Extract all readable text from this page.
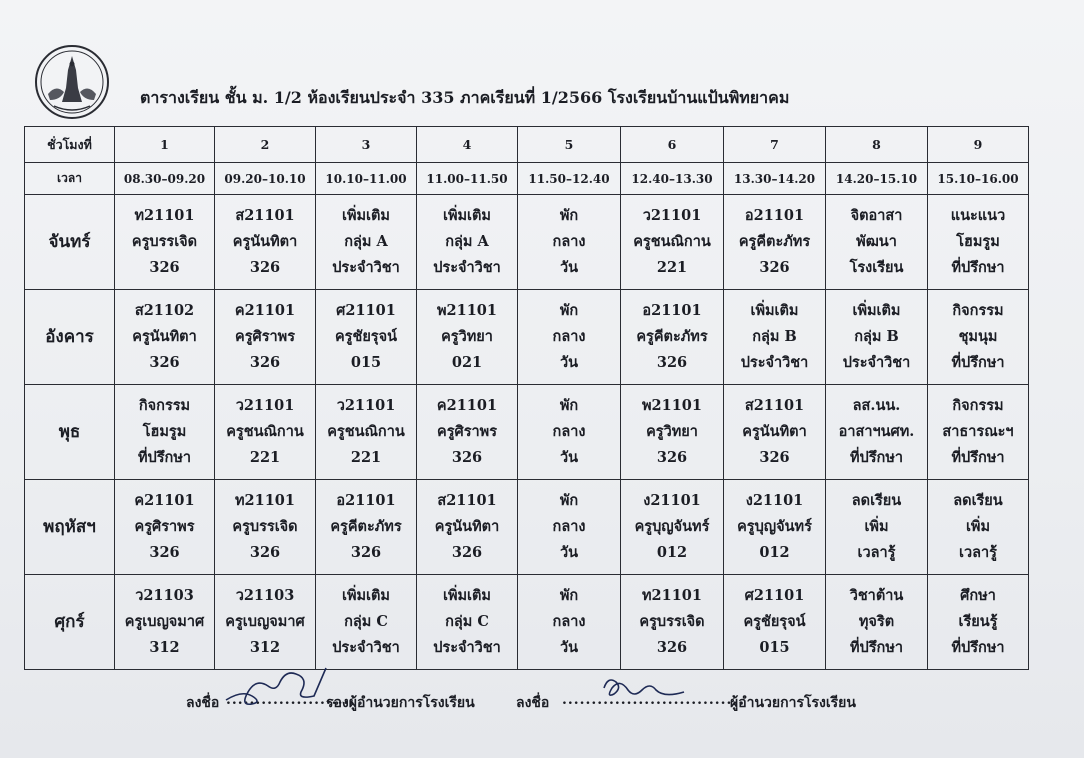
ตารางเรียน ชั้น ม. 1/2 ห้องเรียนประจำ 335 ภาคเรียนที่ 1/2566 โรงเรียนบ้านแป้นพิทยาคม
ชั่วโมงที่	1	2	3	4	5	6	7	8	9
เวลา	08.30–09.20	09.20–10.10	10.10–11.00	11.00–11.50	11.50–12.40	12.40–13.30	13.30–14.20	14.20–15.10	15.10–16.00
จันทร์	ท21101
ครูบรรเจิด
326	ส21101
ครูนันทิตา
326	เพิ่มเติม
กลุ่ม A
ประจำวิชา	เพิ่มเติม
กลุ่ม A
ประจำวิชา	พัก
กลาง
วัน	ว21101
ครูชนณิกาน
221	อ21101
ครูคีตะภัทร
326	จิตอาสา
พัฒนา
โรงเรียน	แนะแนว
โฮมรูม
ที่ปรึกษา

อังคาร	ส21102
ครูนันทิตา
326	ค21101
ครูศิราพร
326	ศ21101
ครูชัยรุจน์
015	พ21101
ครูวิทยา
021	พัก
กลาง
วัน	อ21101
ครูคีตะภัทร
326	เพิ่มเติม
กลุ่ม B
ประจำวิชา	เพิ่มเติม
กลุ่ม B
ประจำวิชา	กิจกรรม
ชุมนุม
ที่ปรึกษา

พุธ	กิจกรรม
โฮมรูม
ที่ปรึกษา	ว21101
ครูชนณิกาน
221	ว21101
ครูชนณิกาน
221	ค21101
ครูศิราพร
326	พัก
กลาง
วัน	พ21101
ครูวิทยา
326	ส21101
ครูนันทิตา
326	ลส.นน.
อาสาฯนศท.
ที่ปรึกษา	กิจกรรม
สาธารณะฯ
ที่ปรึกษา

พฤหัสฯ	ค21101
ครูศิราพร
326	ท21101
ครูบรรเจิด
326	อ21101
ครูคีตะภัทร
326	ส21101
ครูนันทิตา
326	พัก
กลาง
วัน	ง21101
ครูบุญจันทร์
012	ง21101
ครูบุญจันทร์
012	ลดเรียน
เพิ่ม
เวลารู้	ลดเรียน
เพิ่ม
เวลารู้

ศุกร์	ว21103
ครูเบญจมาศ
312	ว21103
ครูเบญจมาศ
312	เพิ่มเติม
กลุ่ม C
ประจำวิชา	เพิ่มเติม
กลุ่ม C
ประจำวิชา	พัก
กลาง
วัน	ท21101
ครูบรรเจิด
326	ศ21101
ครูชัยรุจน์
015	วิชาต้าน
ทุจริต
ที่ปรึกษา	ศึกษา
เรียนรู้
ที่ปรึกษา
ลงชื่อ ......................
รองผู้อำนวยการโรงเรียน	ลงชื่อ ...............................
ผู้อำนวยการโรงเรียน
